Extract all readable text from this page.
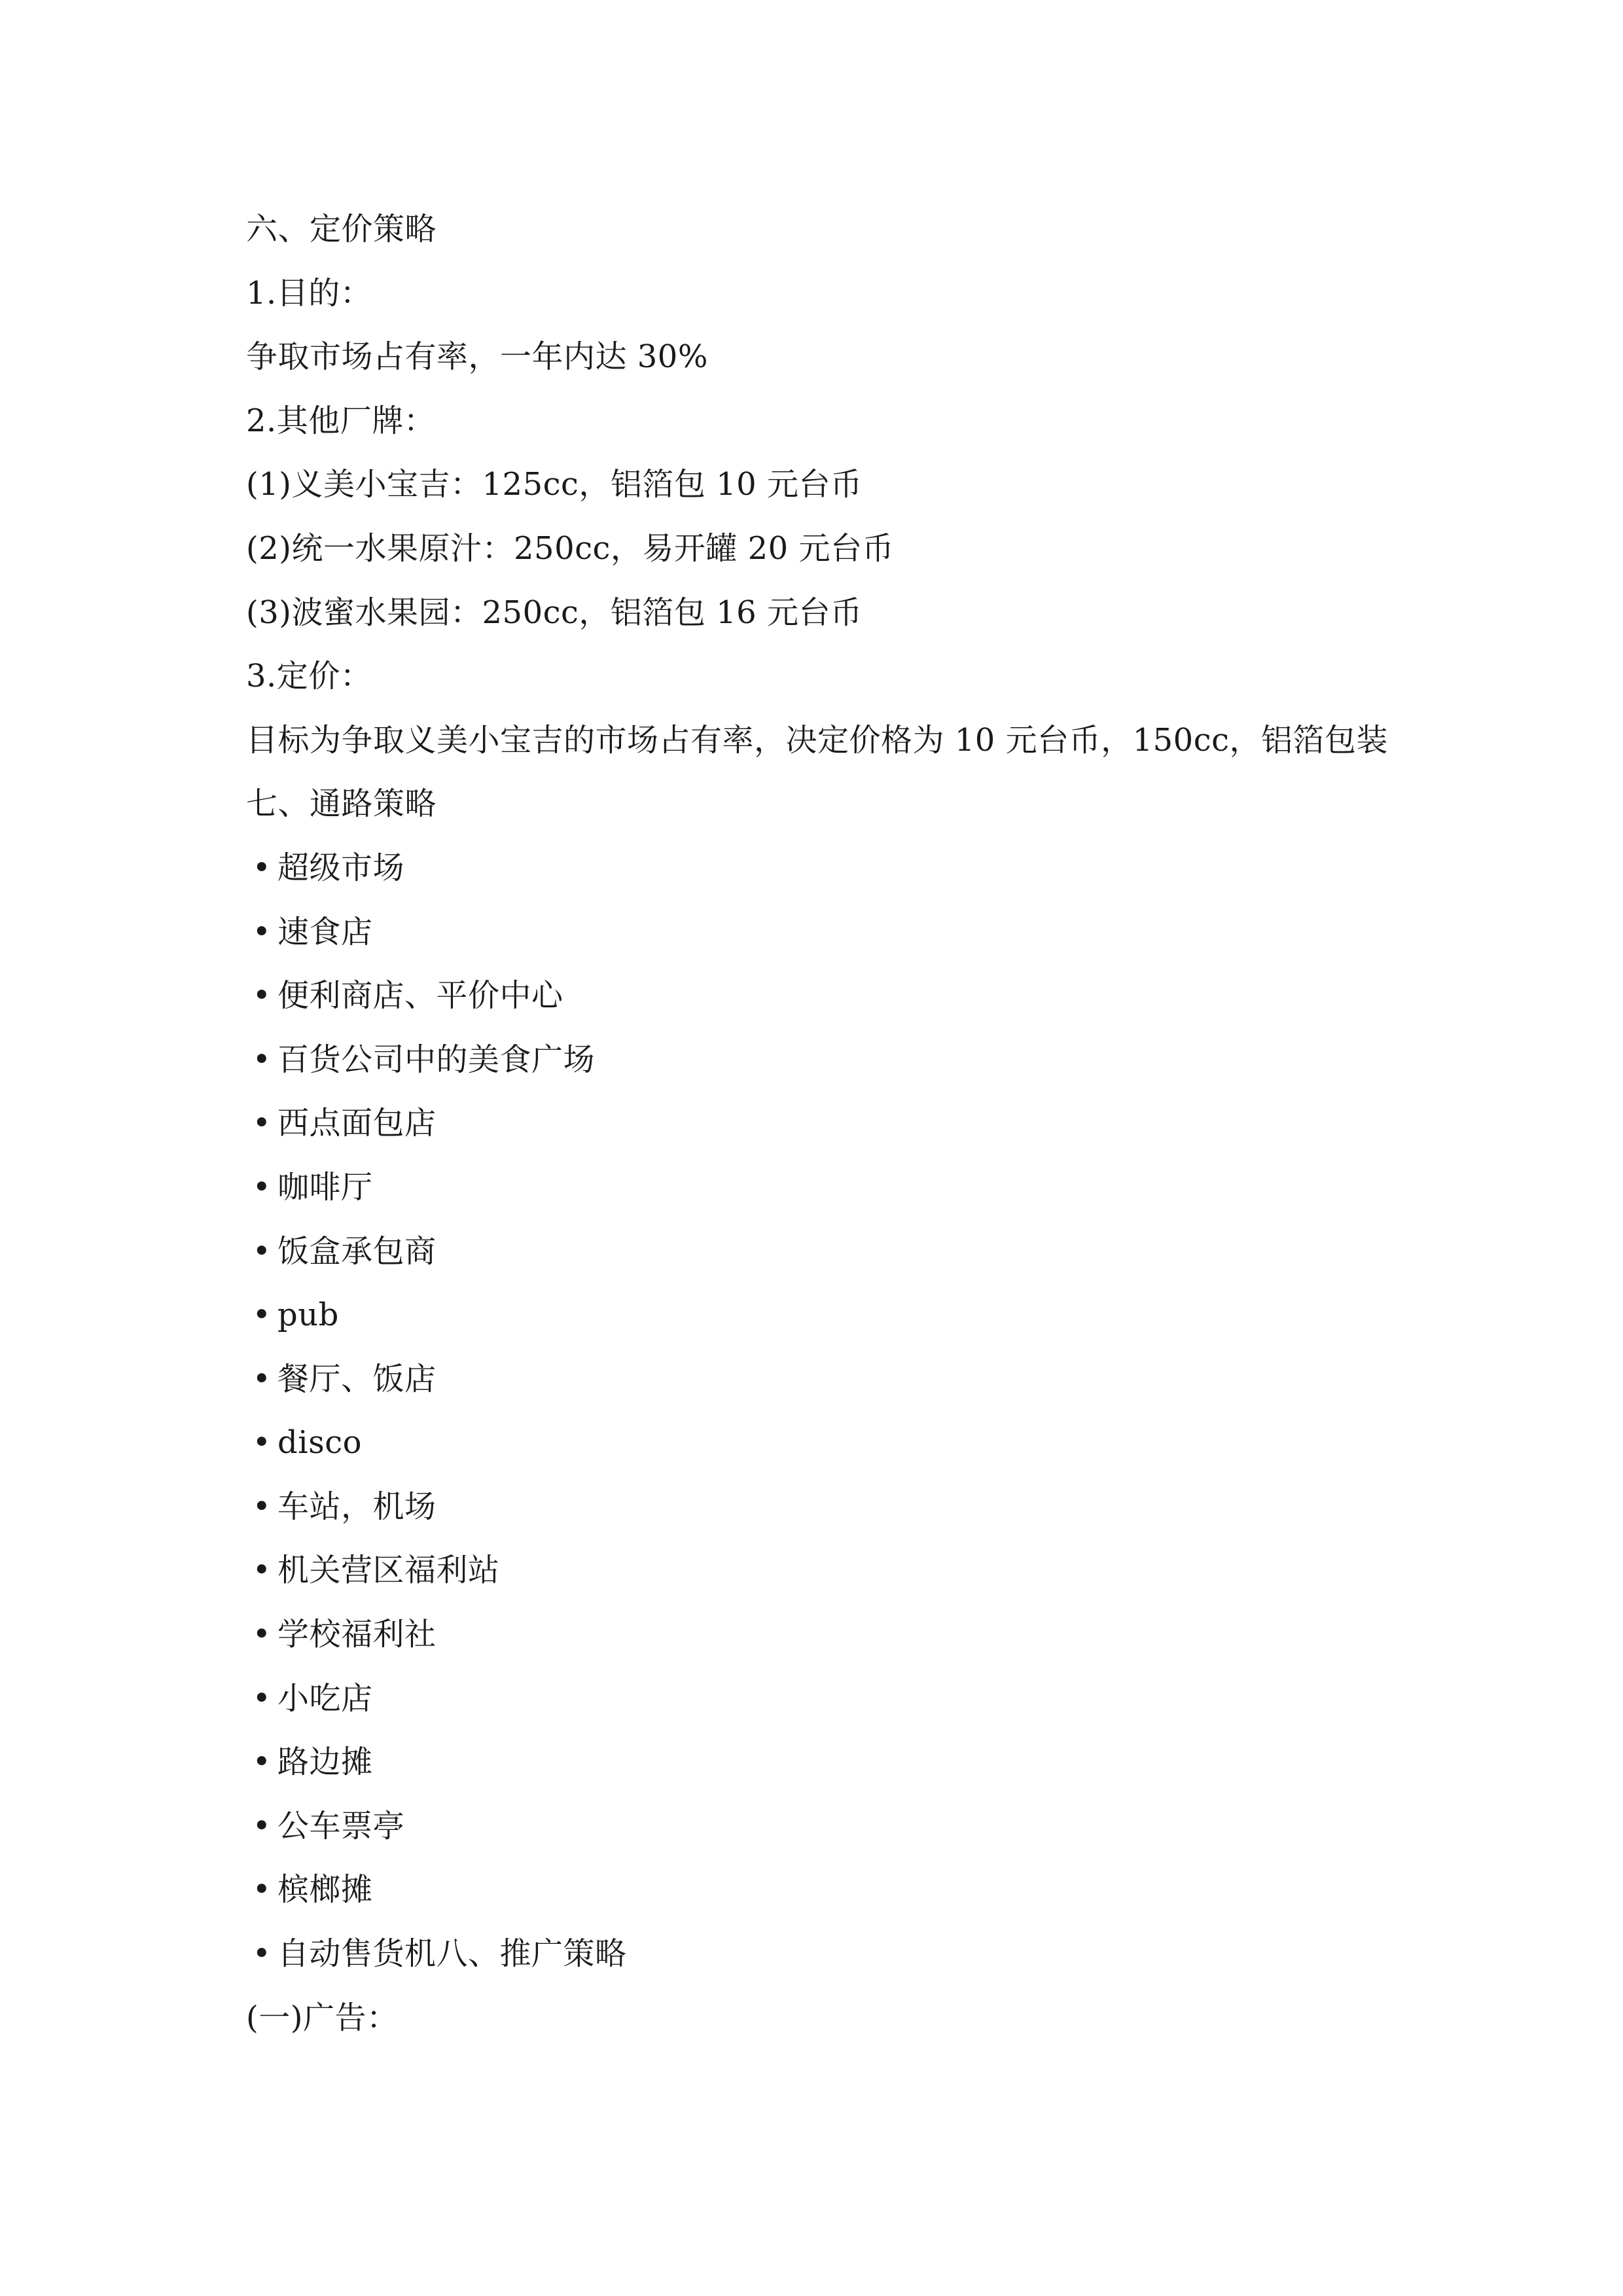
六、定价策略
1.目的：
争取市场占有率，一年内达 30%
2.其他厂牌：
(1)义美小宝吉：125cc，铝箔包 10 元台币
(2)统一水果原汁：250cc，易开罐 20 元台币
(3)波蜜水果园：250cc，铝箔包 16 元台币
3.定价：
目标为争取义美小宝吉的市场占有率，决定价格为 10 元台币，150cc，铝箔包装
七、通路策略
• 超级市场
• 速食店
• 便利商店、平价中心
• 百货公司中的美食广场
• 西点面包店
• 咖啡厅
• 饭盒承包商
• pub
• 餐厅、饭店
• disco
• 车站，机场
• 机关营区福利站
• 学校福利社
• 小吃店
• 路边摊
• 公车票亭
• 槟榔摊
• 自动售货机八、推广策略
(一)广告：
